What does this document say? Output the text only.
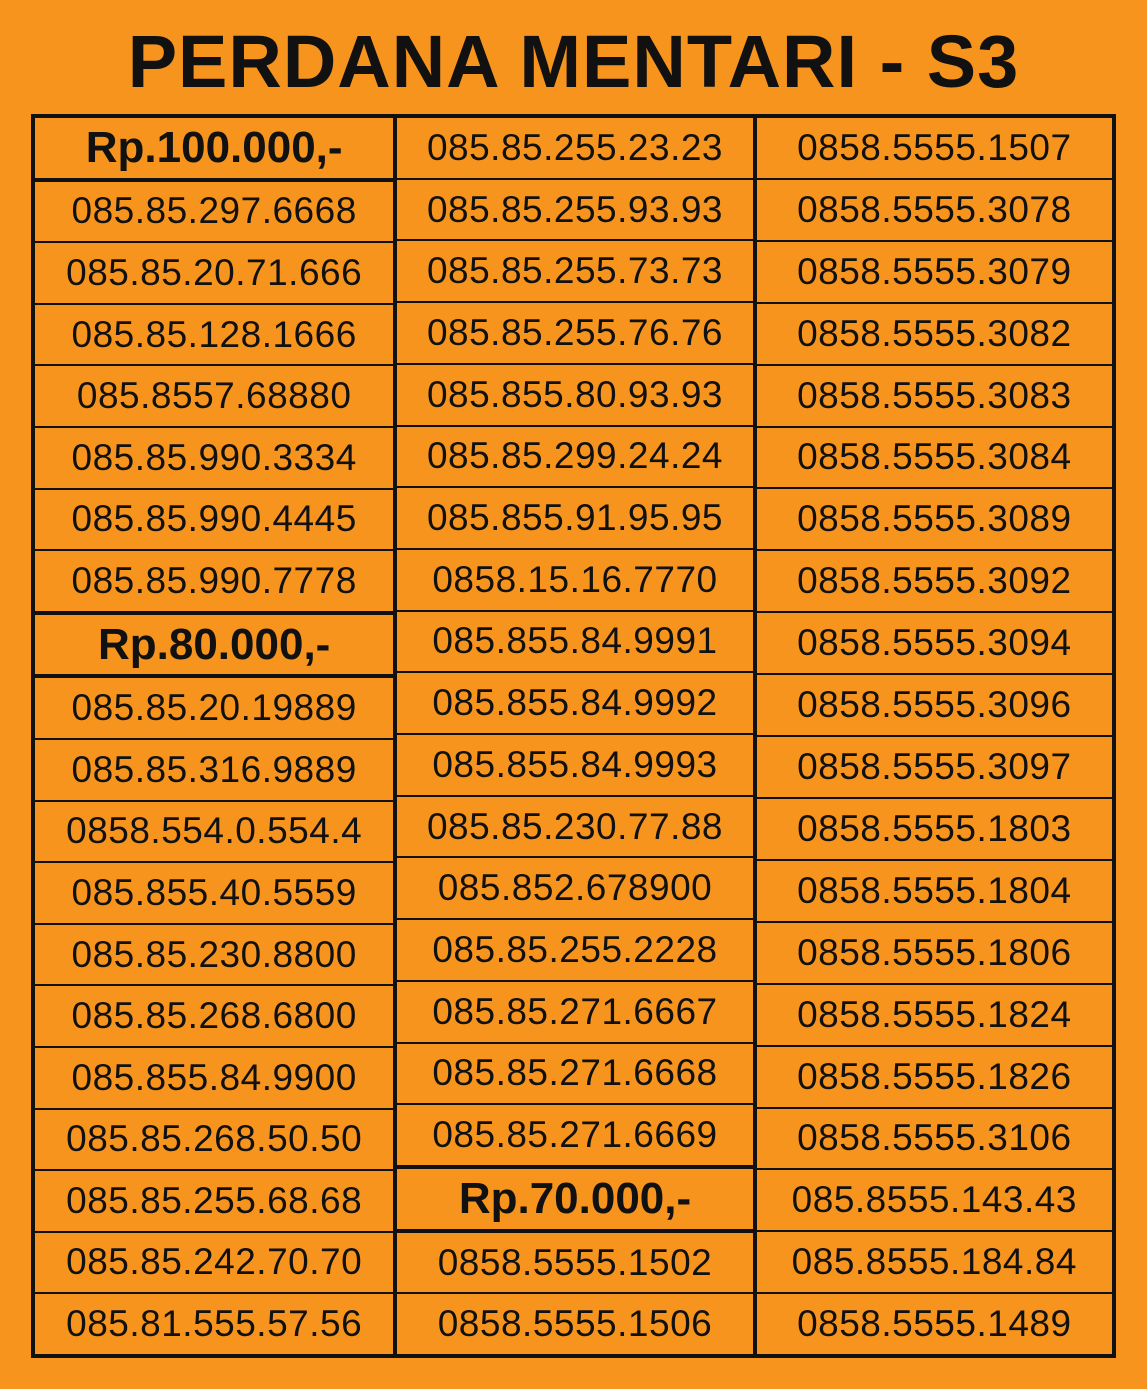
PERDANA MENTARI - S3
Rp.100.000,-
085.85.297.6668
085.85.20.71.666
085.85.128.1666
085.8557.68880
085.85.990.3334
085.85.990.4445
085.85.990.7778
Rp.80.000,-
085.85.20.19889
085.85.316.9889
0858.554.0.554.4
085.855.40.5559
085.85.230.8800
085.85.268.6800
085.855.84.9900
085.85.268.50.50
085.85.255.68.68
085.85.242.70.70
085.81.555.57.56
085.85.255.23.23
085.85.255.93.93
085.85.255.73.73
085.85.255.76.76
085.855.80.93.93
085.85.299.24.24
085.855.91.95.95
0858.15.16.7770
085.855.84.9991
085.855.84.9992
085.855.84.9993
085.85.230.77.88
085.852.678900
085.85.255.2228
085.85.271.6667
085.85.271.6668
085.85.271.6669
Rp.70.000,-
0858.5555.1502
0858.5555.1506
0858.5555.1507
0858.5555.3078
0858.5555.3079
0858.5555.3082
0858.5555.3083
0858.5555.3084
0858.5555.3089
0858.5555.3092
0858.5555.3094
0858.5555.3096
0858.5555.3097
0858.5555.1803
0858.5555.1804
0858.5555.1806
0858.5555.1824
0858.5555.1826
0858.5555.3106
085.8555.143.43
085.8555.184.84
0858.5555.1489
